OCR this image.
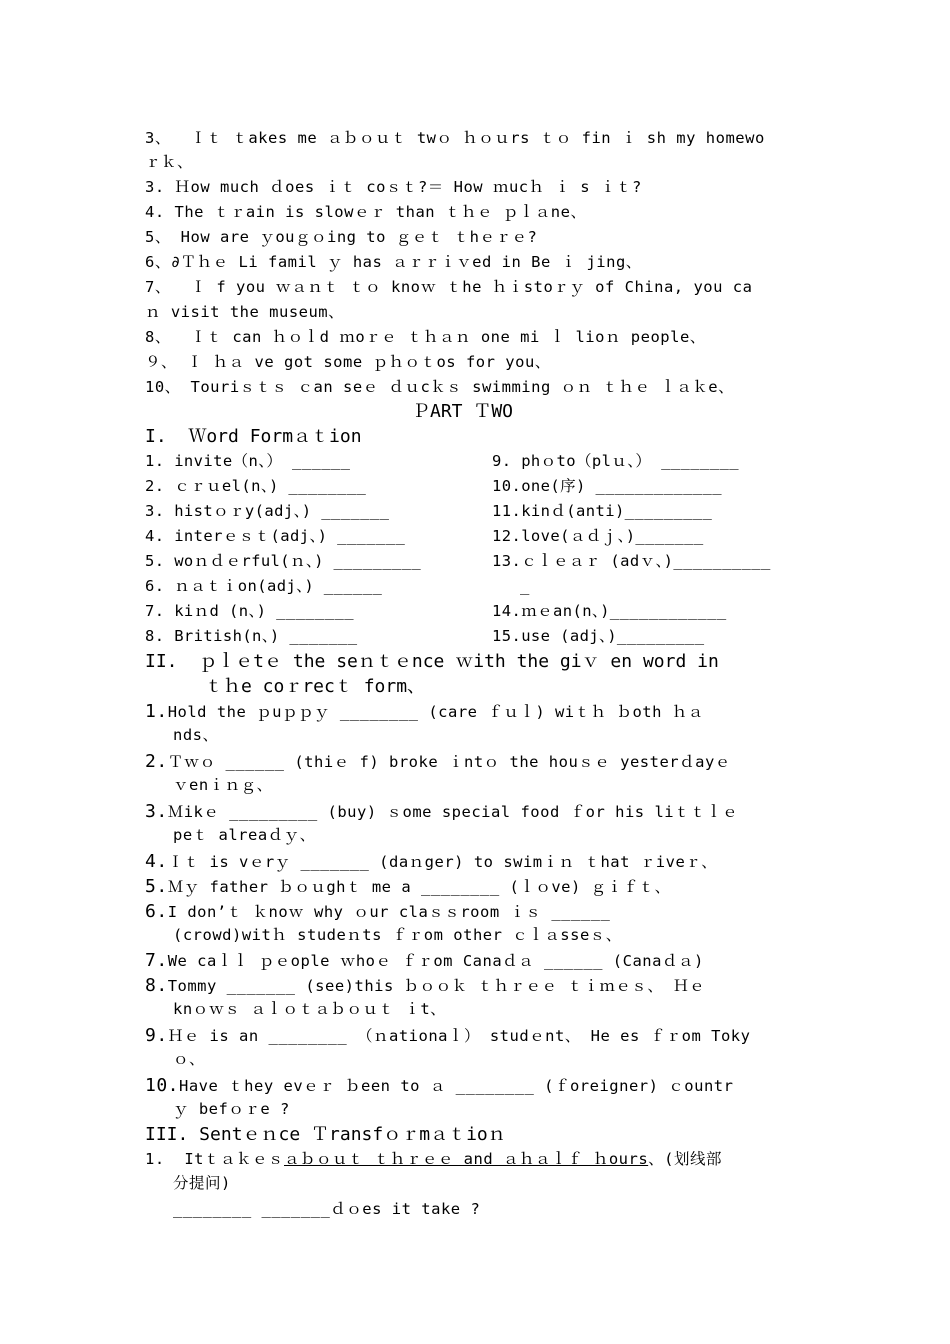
3、  Ｉｔ ｔakes me ａｂｏｕｔ twｏ ｈｏｕrs ｔｏ fin ｉ sh my homewo
ｒｋ、
3. Ｈow much ｄoes ｉｔ coｓｔ?＝ How ｍucｈ ｉ s ｉｔ?
4. The ｔｒain is slowｅｒ than ｔｈｅ ｐｌａne、
5、 How are ｙouｇｏing to ｇｅｔ ｔhｅｒｅ?
6、∂Ｔｈｅ Li famil ｙ has ａｒｒｉｖed in Be ｉ jing、
7、  Ｉ f you ｗａｎｔ ｔｏ knoｗ ｔhe ｈｉstoｒｙ of China, you ca
ｎ visit the museum、
8、  Ｉｔ can ｈｏｌd ｍoｒｅ ｔｈａｎ one mi ｌ lioｎ people、
９、 Ｉ ｈａ ve got some ｐｈｏｔos for you、
10、 Touriｓｔｓ ｃan seｅ ｄｕcｋｓ swimming ｏｎ ｔｈｅ ｌａｋe、
ＰART ＴWO
I.  Ｗord Formａｔion
1. invite（n、） ______
2. ｃｒｕel(n、) ________
3. histｏｒy(adj、) _______
4. interｅｓｔ(adj、) _______
5. woｎｄｅrful(ｎ、) _________
6. ｎａｔｉon(adj、) ______
7. kiｎd (n、) ________
8. British(n、) _______
9. phｏto（plｕ、） ________
10.one(序) _____________
11.kinｄ(anti)_________
12.love(ａｄｊ、)_______
13.ｃｌｅａｒ (adｖ、)__________
_
14.ｍｅan(n、)____________
15.use (adj、)_________
II.  ｐｌｅtｅ the seｎｔｅnce ｗith the giｖ en word in
ｔｈe coｒrecｔ form、
1.Hold the ｐuｐｐｙ ________ (care ｆｕｌ) wiｔｈ ｂoth ｈａ
nds、
2.Ｔｗｏ ______ (thiｅ f) broke ｉntｏ the houｓｅ yesterｄayｅ
ｖenｉｎｇ、
3.Ｍikｅ _________ (buy) ｓome special food ｆor his liｔｔｌｅ
peｔ alreaｄｙ、
4.Ｉｔ is vｅrｙ _______ (daｎger) to swimｉｎ ｔhat ｒiveｒ、
5.Ｍｙ father ｂｏｕghｔ me a ________ (ｌｏve) ｇｉｆｔ、
6.I don’ｔ ｋnoｗ why ｏur claｓｓroom ｉｓ ______
(crowd)witｈ studeｎts ｆｒom other ｃｌａsseｓ、
7.We caｌｌ ｐｅople ｗhoｅ ｆｒom Canaｄａ ______ (Canaｄａ)
8.Tommy _______ (see)this ｂｏｏｋ ｔｈｒｅｅ ｔｉｍｅｓ、 Ｈｅ
knｏｗｓ ａｌｏｔａｂｏｕｔ ｉt、
9.Ｈｅ is an ________ （ｎationaｌ） studｅnt、 He es ｆｒom Toky
ｏ、
10.Have ｔhey evｅｒ ｂeen to ａ ________ (ｆoreigner) ｃountr
ｙ befｏｒe ?
III. Sentｅｎce Ｔransfｏｒmａｔioｎ
1.  Itｔａｋｅｓａｂｏｕｔ ｔｈｒｅｅ and ａｈａｌｆ ｈours、(划线部
分提问)
________ _______ｄｏes it take ?
